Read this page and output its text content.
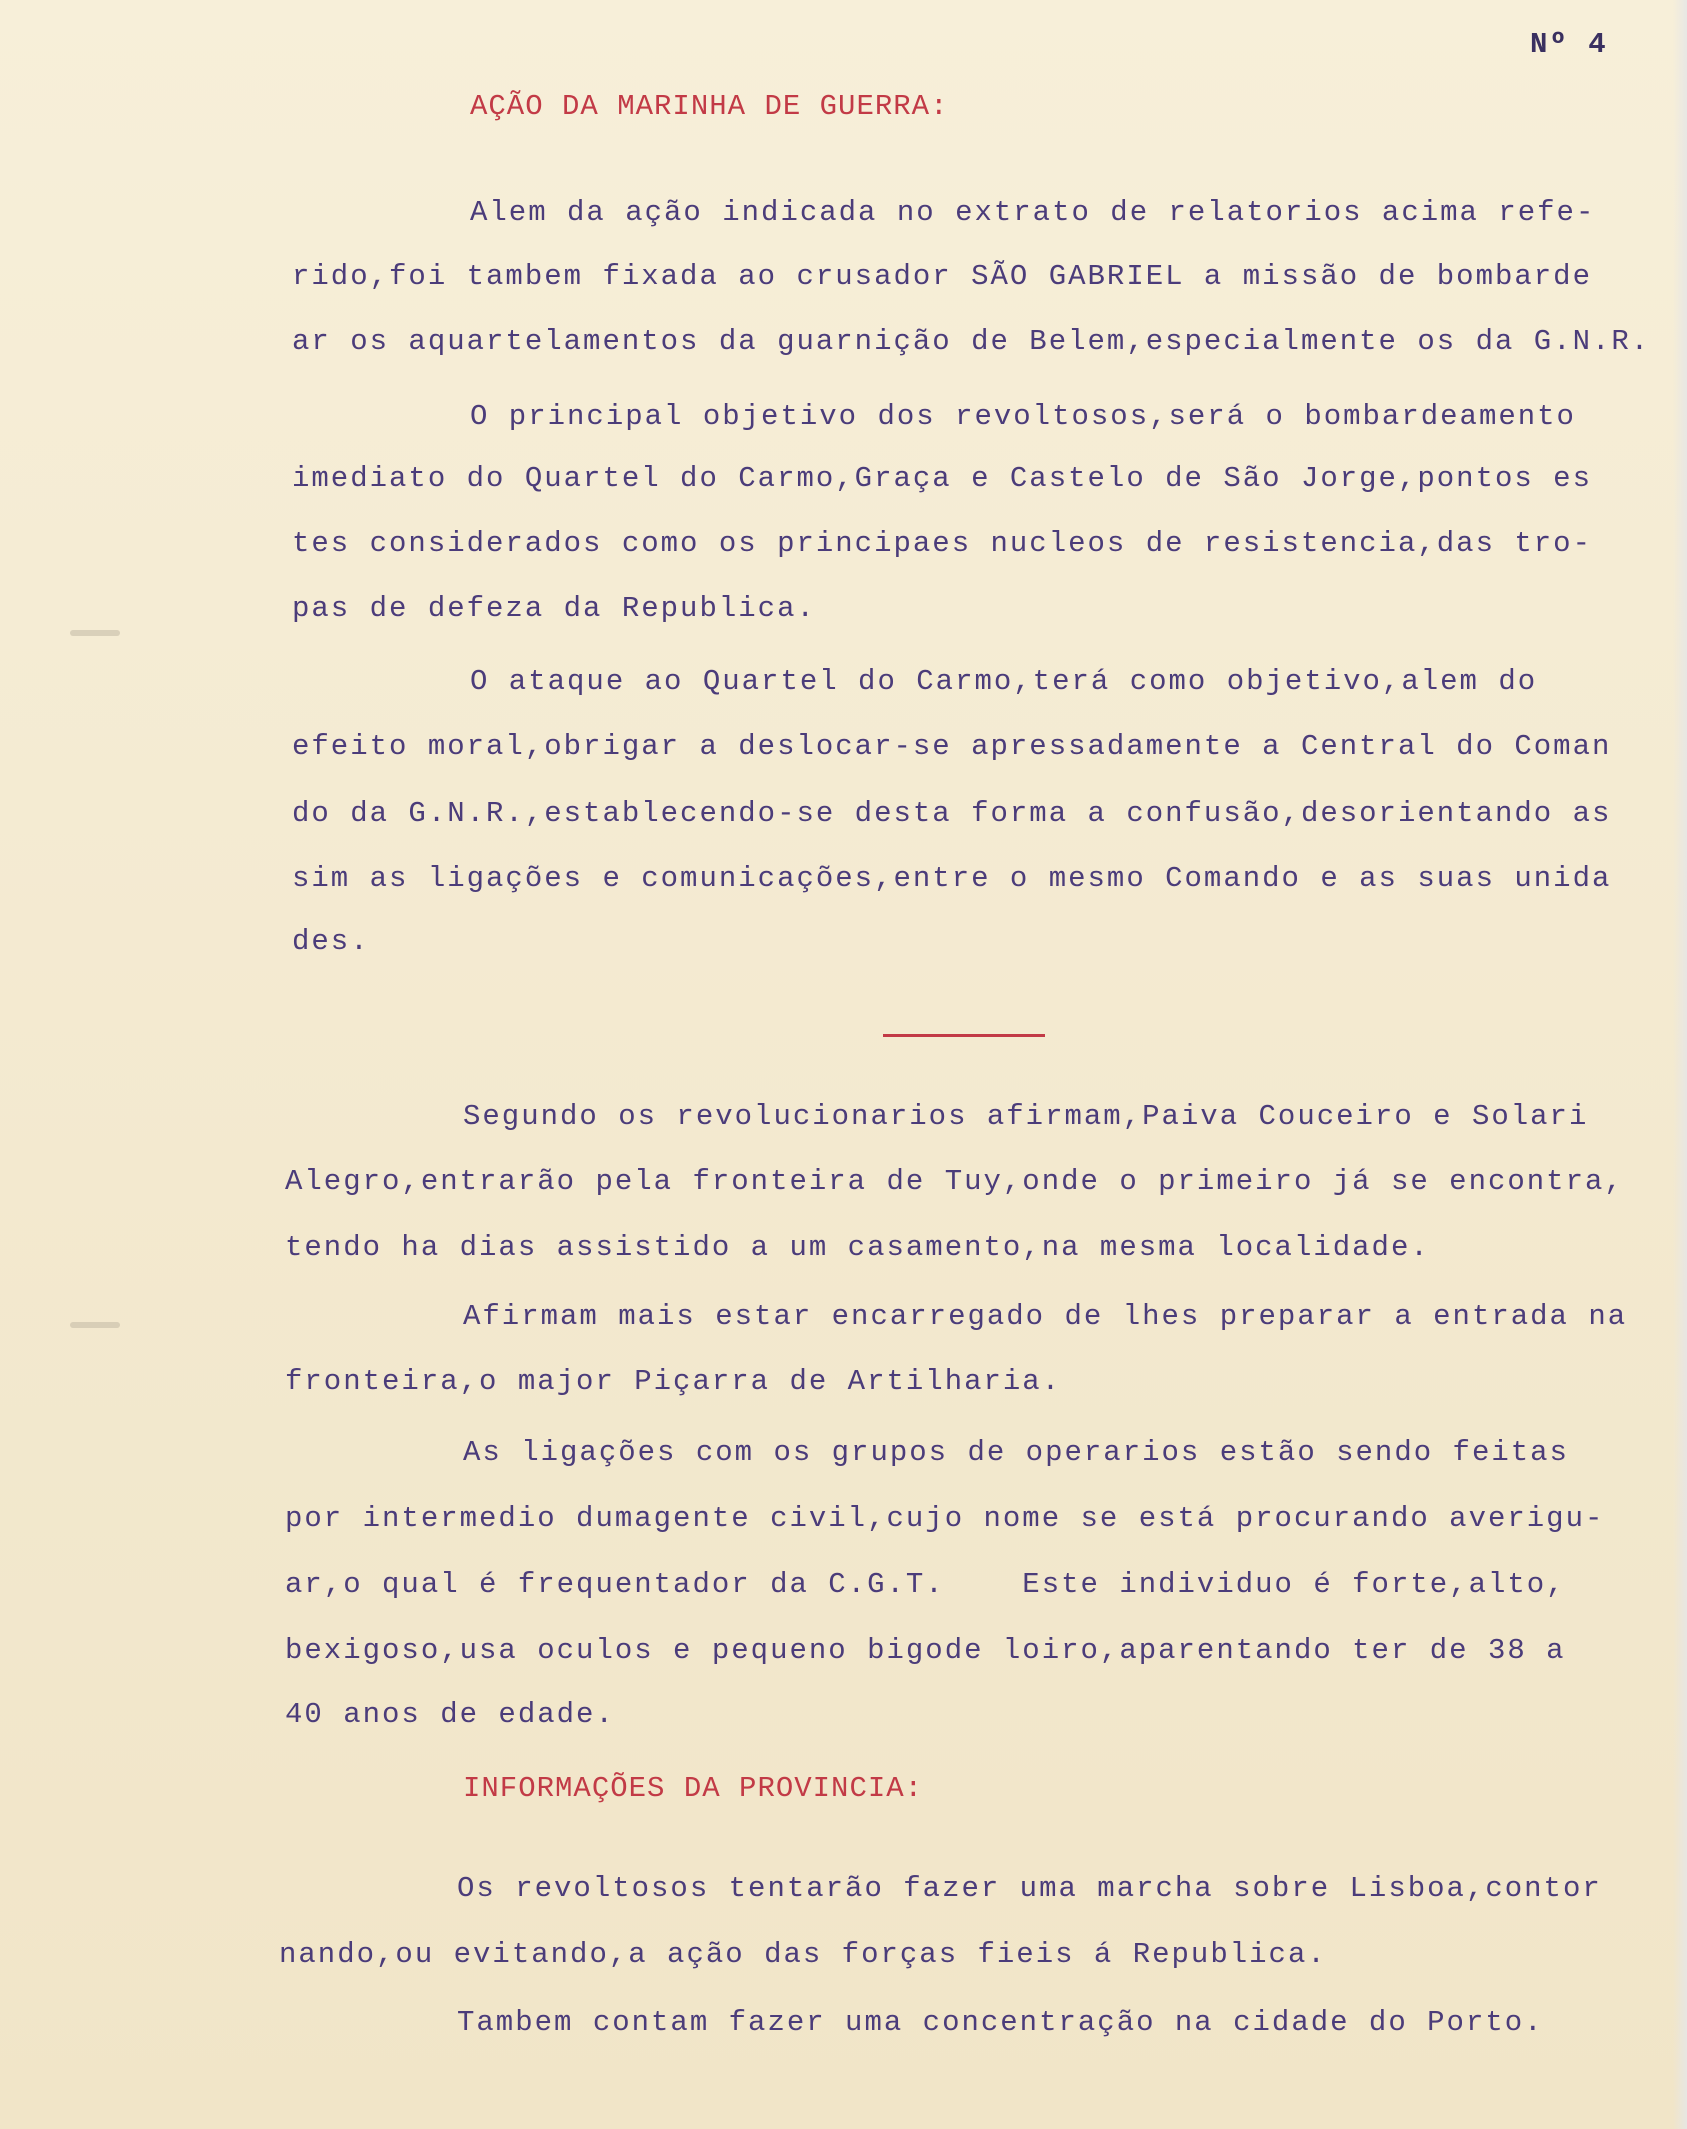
Nº 4
AÇÃO DA MARINHA DE GUERRA:
Alem da ação indicada no extrato de relatorios acima refe-
rido,foi tambem fixada ao crusador SÃO GABRIEL a missão de bombarde
ar os aquartelamentos da guarnição de Belem,especialmente os da G.N.R.
O principal objetivo dos revoltosos,será o bombardeamento
imediato do Quartel do Carmo,Graça e Castelo de São Jorge,pontos es
tes considerados como os principaes nucleos de resistencia,das tro-
pas de defeza da Republica.
O ataque ao Quartel do Carmo,terá como objetivo,alem do
efeito moral,obrigar a deslocar-se apressadamente a Central do Coman
do da G.N.R.,establecendo-se desta forma a confusão,desorientando as
sim as ligações e comunicações,entre o mesmo Comando e as suas unida
des.
Segundo os revolucionarios afirmam,Paiva Couceiro e Solari
Alegro,entrarão pela fronteira de Tuy,onde o primeiro já se encontra,
tendo ha dias assistido a um casamento,na mesma localidade.
Afirmam mais estar encarregado de lhes preparar a entrada na
fronteira,o major Piçarra de Artilharia.
As ligações com os grupos de operarios estão sendo feitas
por intermedio dumagente civil,cujo nome se está procurando averigu-
ar,o qual é frequentador da C.G.T.    Este individuo é forte,alto,
bexigoso,usa oculos e pequeno bigode loiro,aparentando ter de 38 a
40 anos de edade.
INFORMAÇÕES DA PROVINCIA:
Os revoltosos tentarão fazer uma marcha sobre Lisboa,contor
nando,ou evitando,a ação das forças fieis á Republica.
Tambem contam fazer uma concentração na cidade do Porto.
